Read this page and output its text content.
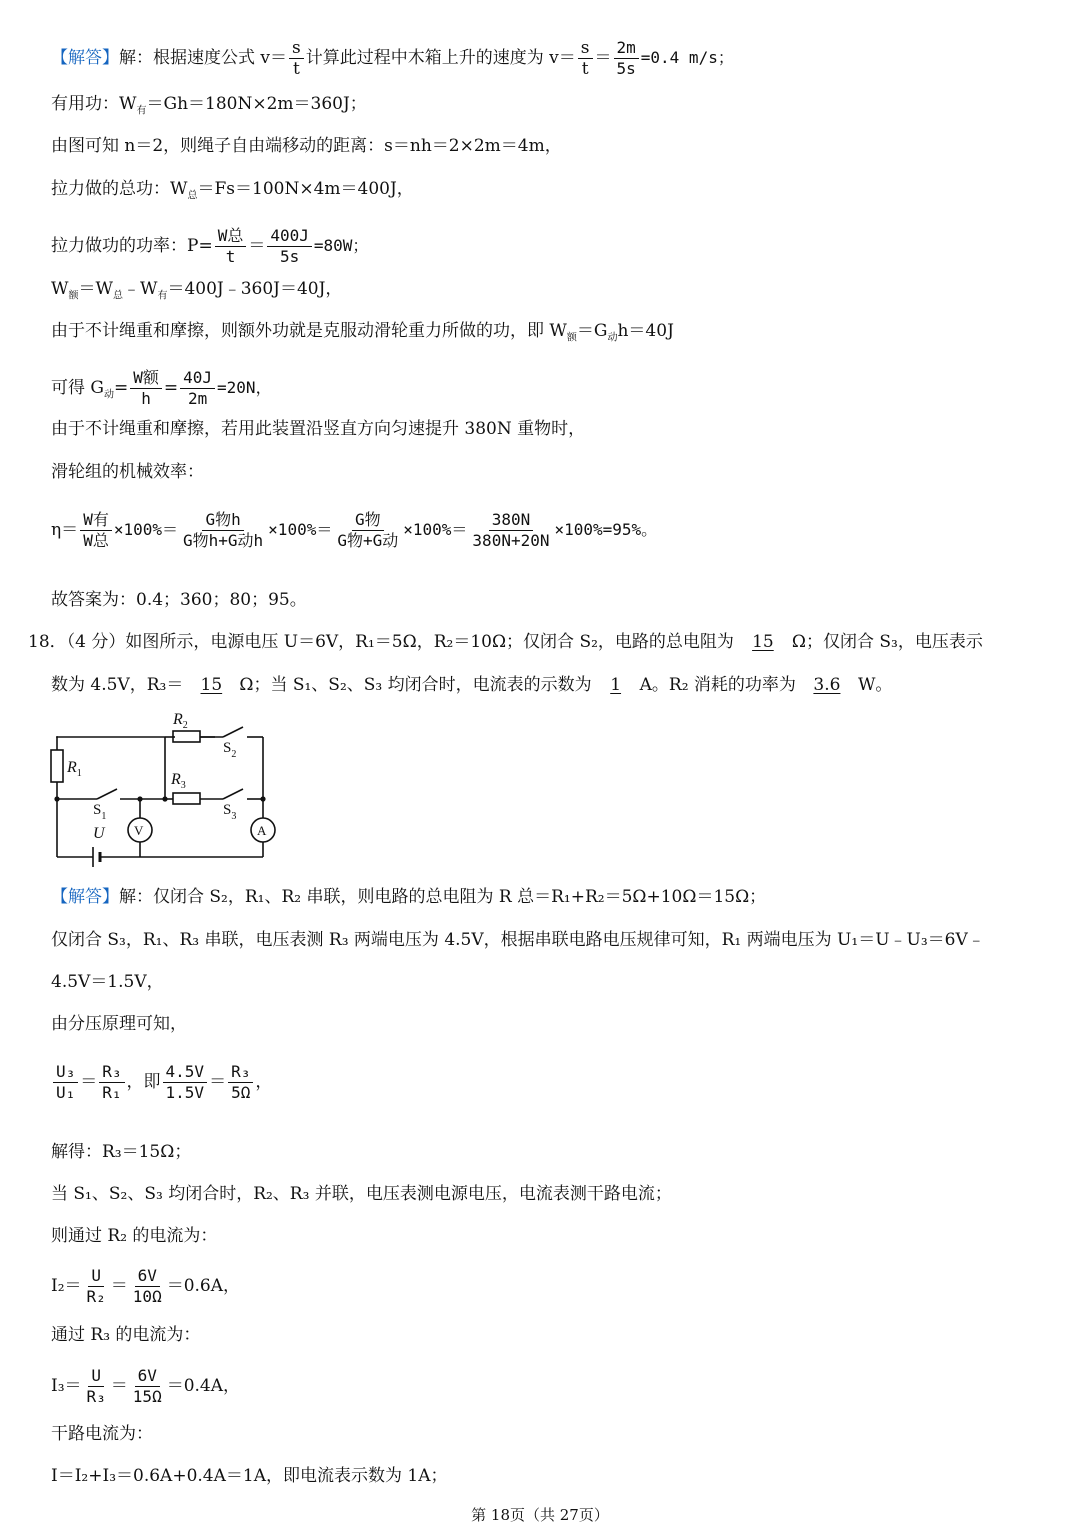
【解答】解：根据速度公式 $v= \frac{s}{t}$ 计算此过程中木箱上升的速度为 $v= \frac{s}{t} = \frac{2m}{5s} =0.4$ m/s；
有用功：$W_有=Gh=180N\times 2m=360J$；
由图可知 n＝2，则绳子自由端移动的距离：s＝nh＝2×2m＝4m，
拉力做的总功：$W_总=Fs=100N\times 4m=400J$，
拉力做功的功率：$P= \frac{\text{W总}}{t} = \frac{400J}{5s} =80W$；
$W_额=W_总﹣W_有=400J﹣360J=40J$，
由于不计绳重和摩擦，则额外功就是克服动滑轮重力所做的功，即 $W_额=G_动h=40J$
可得 $G_动= \frac{\text{W额}}{h} = \frac{40J}{2m} =20N$，
由于不计绳重和摩擦，若用此装置沿竖直方向匀速提升 380N 重物时，
滑轮组的机械效率：
$\eta= \frac{\text{W有}}{\text{W总}} \times 100\%= \frac{\text{G物h}}{\text{G物h+G动h}} \times 100\%= \frac{\text{G物}}{\text{G物+G动}} \times 100\%= \frac{380N}{380N+20N} \times 100\%=95\%$。
故答案为：0.4；360；80；95。
18．（4 分）如图所示，电源电压 U＝6V，R₁＝5Ω，R₂＝10Ω；仅闭合 S₂，电路的总电阻为 15 Ω；仅闭合 S₃，电压表示
数为 4.5V，R₃＝ 15 Ω；当 S₁、S₂、S₃ 均闭合时，电流表的示数为 1 A。R₂ 消耗的功率为 3.6 W。
$R_2$
$R_1$	$R_3$
U
$S_2$
$S_1$	$S_3$
V	A
【解答】解：仅闭合 S₂，R₁、R₂ 串联，则电路的总电阻为 R 总＝R₁+R₂＝5Ω+10Ω＝15Ω；
仅闭合 S₃，R₁、R₃ 串联，电压表测 R₃ 两端电压为 4.5V，根据串联电路电压规律可知，R₁ 两端电压为 U₁＝U﹣U₃＝6V﹣
4.5V＝1.5V，
由分压原理可知，
$\frac{\text{U₃}}{\text{U₁}} = \frac{\text{R₃}}{\text{R₁}}$ ，即 $\frac{4.5V}{1.5V} = \frac{\text{R₃}}{5\Omega}$ ，
解得：R₃＝15Ω；
当 S₁、S₂、S₃ 均闭合时，R₂、R₃ 并联，电压表测电源电压，电流表测干路电流；
则通过 R₂ 的电流为：
$I_2= \frac{U}{\text{R₂}} = \frac{6V}{10\Omega} =0.6A$，
通过 R₃ 的电流为：
$I_3= \frac{U}{\text{R₃}} = \frac{6V}{15\Omega} =0.4A$，
干路电流为：
I＝I₂+I₃＝0.6A+0.4A＝1A，即电流表示数为 1A；
第 18页（共 27页）
